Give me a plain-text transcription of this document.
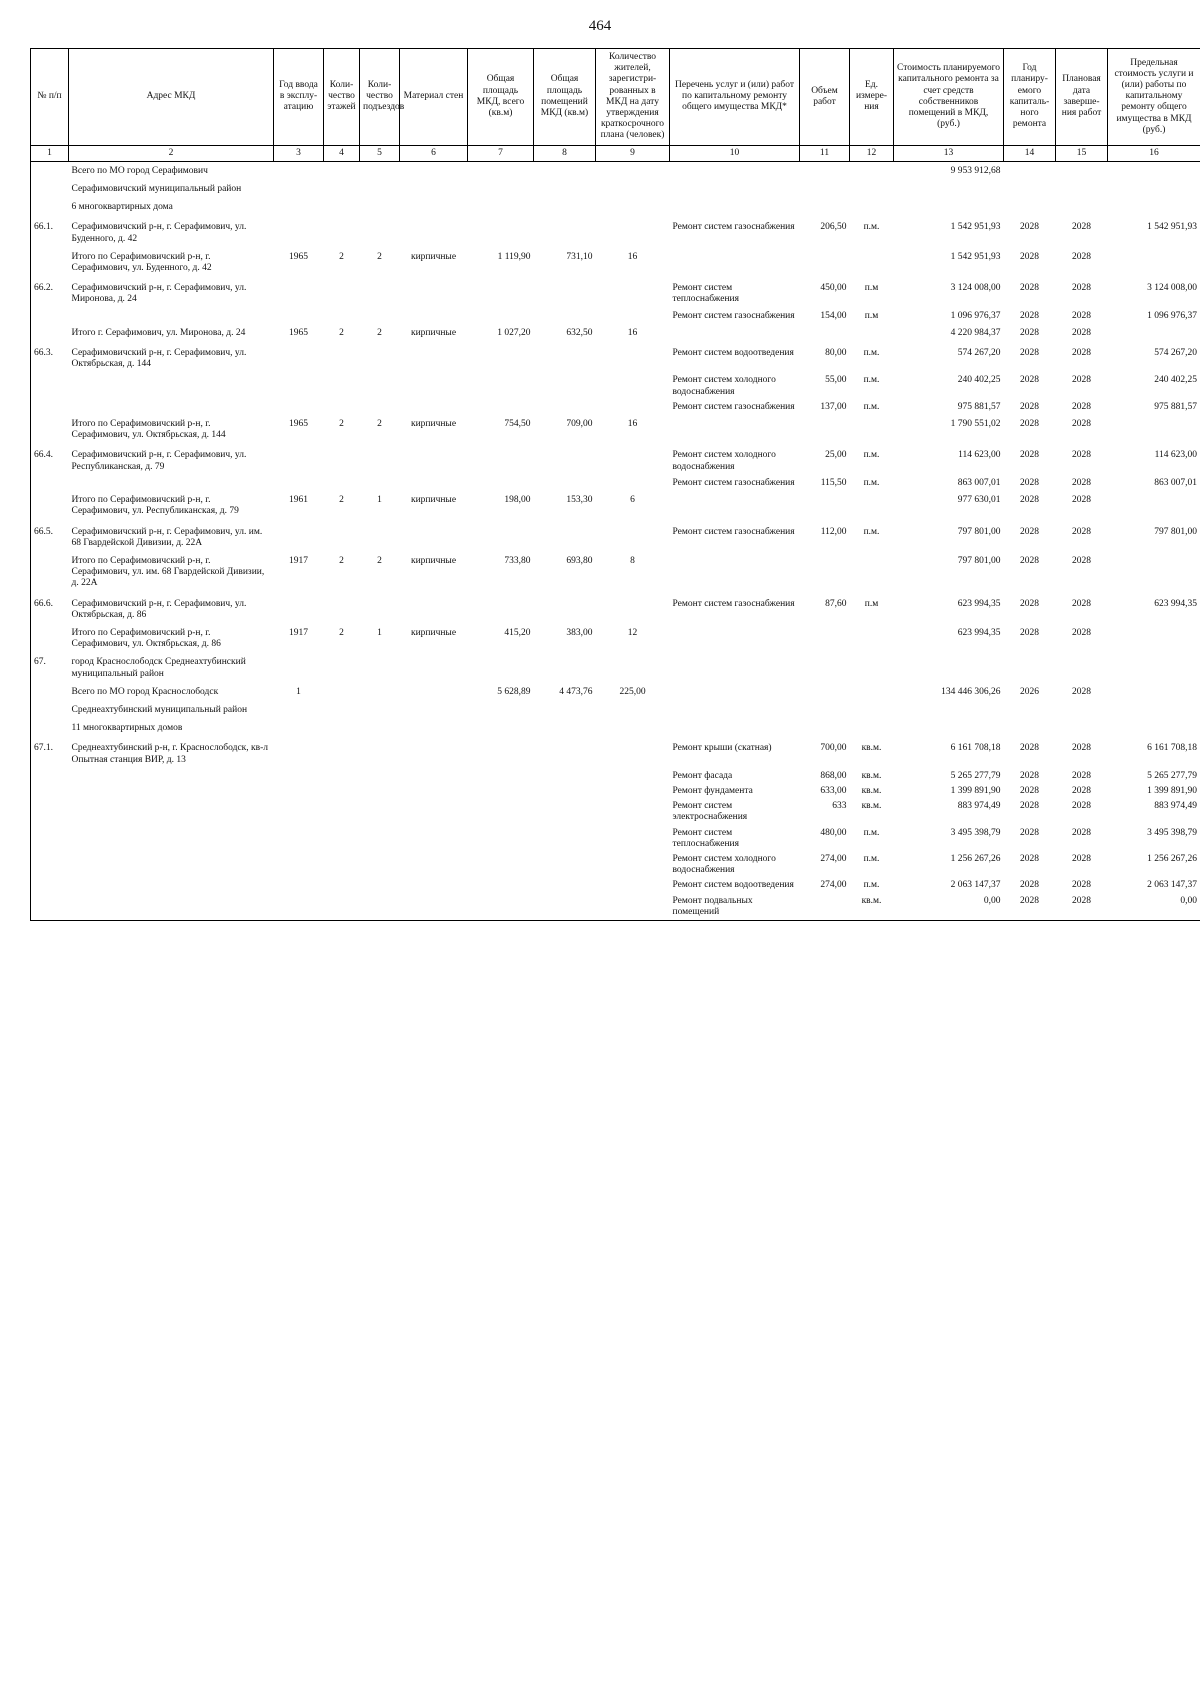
464
№ п/п	Адрес МКД	Год ввода в эксплу-атацию	Коли-чество этажей	Коли-чество подъездов	Материал стен	Общая площадь МКД, всего (кв.м)	Общая площадь помещений МКД (кв.м)	Количество жителей, зарегистри-рованных в МКД на дату утверждения краткосрочного плана (человек)	Перечень услуг и (или) работ по капитальному ремонту общего имущества МКД*	Объем работ	Ед. измере-ния	Стоимость планируемого капитального ремонта за счет средств собственников помещений в МКД, (руб.)	Год планиру-емого капиталь-ного ремонта	Плановая дата заверше-ния работ	Предельная стоимость услуги и (или) работы по капитальному ремонту общего имущества в МКД (руб.)
1	2	3	4	5	6	7	8	9	10	11	12	13	14	15	16
	Всего по МО город Серафимович											9 953 912,68			
	Серафимовичский муниципальный район														
	6 многоквартирных дома														
66.1.	Серафимовичский р-н, г. Серафимович, ул. Буденного, д. 42								Ремонт систем газоснабжения	206,50	п.м.	1 542 951,93	2028	2028	1 542 951,93
	Итого по Серафимовичский р-н, г. Серафимович, ул. Буденного, д. 42	1965	2	2	кирпичные	1 119,90	731,10	16				1 542 951,93	2028	2028	
66.2.	Серафимовичский р-н, г. Серафимович, ул. Миронова, д. 24								Ремонт систем теплоснабжения	450,00	п.м	3 124 008,00	2028	2028	3 124 008,00
									Ремонт систем газоснабжения	154,00	п.м	1 096 976,37	2028	2028	1 096 976,37
	Итого г. Серафимович, ул. Миронова, д. 24	1965	2	2	кирпичные	1 027,20	632,50	16				4 220 984,37	2028	2028	
66.3.	Серафимовичский р-н, г. Серафимович, ул. Октябрьская, д. 144								Ремонт систем водоотведения	80,00	п.м.	574 267,20	2028	2028	574 267,20
									Ремонт систем холодного водоснабжения	55,00	п.м.	240 402,25	2028	2028	240 402,25
									Ремонт систем газоснабжения	137,00	п.м.	975 881,57	2028	2028	975 881,57
	Итого по Серафимовичский р-н, г. Серафимович, ул. Октябрьская, д. 144	1965	2	2	кирпичные	754,50	709,00	16				1 790 551,02	2028	2028	
66.4.	Серафимовичский р-н, г. Серафимович, ул. Республиканская, д. 79								Ремонт систем холодного водоснабжения	25,00	п.м.	114 623,00	2028	2028	114 623,00
									Ремонт систем газоснабжения	115,50	п.м.	863 007,01	2028	2028	863 007,01
	Итого по Серафимовичский р-н, г. Серафимович, ул. Республиканская, д. 79	1961	2	1	кирпичные	198,00	153,30	6				977 630,01	2028	2028	
66.5.	Серафимовичский р-н, г. Серафимович, ул. им. 68 Гвардейской Дивизии, д. 22А								Ремонт систем газоснабжения	112,00	п.м.	797 801,00	2028	2028	797 801,00
	Итого по Серафимовичский р-н, г. Серафимович, ул. им. 68 Гвардейской Дивизии, д. 22А	1917	2	2	кирпичные	733,80	693,80	8				797 801,00	2028	2028	
66.6.	Серафимовичский р-н, г. Серафимович, ул. Октябрьская, д. 86								Ремонт систем газоснабжения	87,60	п.м	623 994,35	2028	2028	623 994,35
	Итого по Серафимовичский р-н, г. Серафимович, ул. Октябрьская, д. 86	1917	2	1	кирпичные	415,20	383,00	12				623 994,35	2028	2028	
67.	город Краснослободск Среднеахтубинский муниципальный район														
	Всего по МО город Краснослободск	1				5 628,89	4 473,76	225,00				134 446 306,26	2026	2028	
	Среднеахтубинский муниципальный район														
	11 многоквартирных домов														
67.1.	Среднеахтубинский р-н, г. Краснослободск, кв-л Опытная станция ВИР, д. 13								Ремонт крыши (скатная)	700,00	кв.м.	6 161 708,18	2028	2028	6 161 708,18
									Ремонт фасада	868,00	кв.м.	5 265 277,79	2028	2028	5 265 277,79
									Ремонт фундамента	633,00	кв.м.	1 399 891,90	2028	2028	1 399 891,90
									Ремонт систем электроснабжения	633	кв.м.	883 974,49	2028	2028	883 974,49
									Ремонт систем теплоснабжения	480,00	п.м.	3 495 398,79	2028	2028	3 495 398,79
									Ремонт систем холодного водоснабжения	274,00	п.м.	1 256 267,26	2028	2028	1 256 267,26
									Ремонт систем водоотведения	274,00	п.м.	2 063 147,37	2028	2028	2 063 147,37
									Ремонт подвальных помещений		кв.м.	0,00	2028	2028	0,00
